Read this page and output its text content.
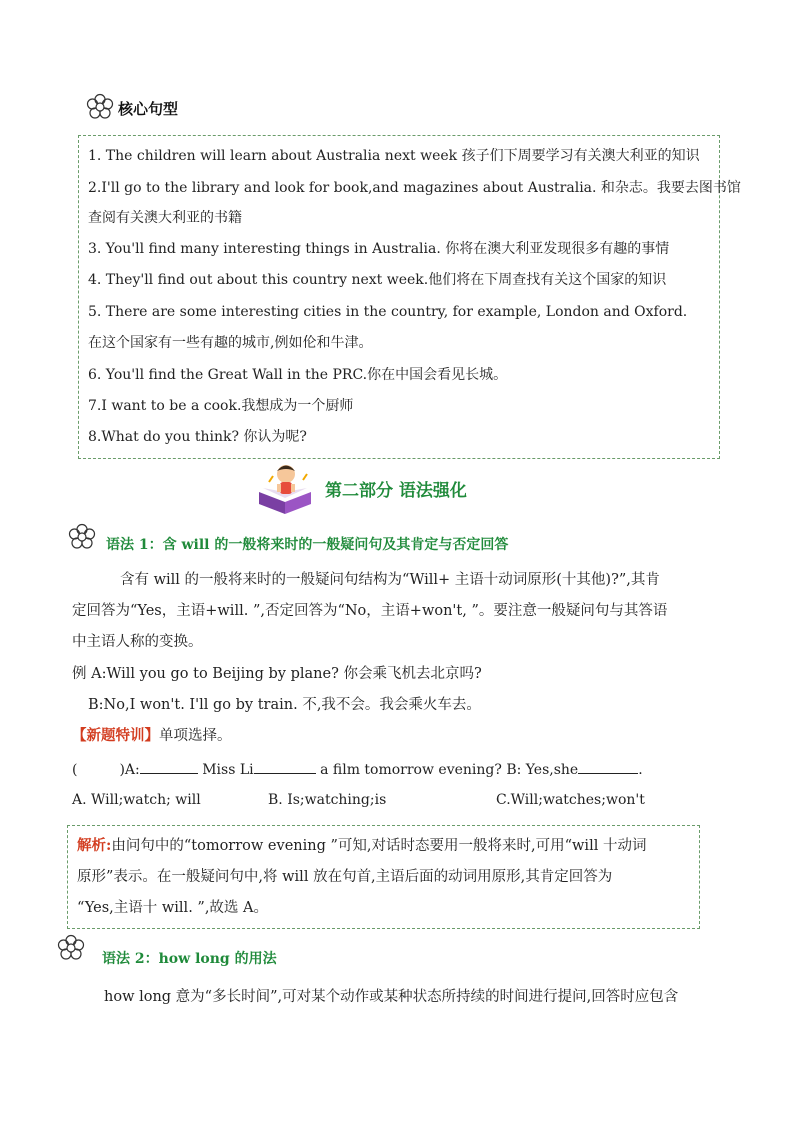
核心句型
1. The children will learn about Australia next week 孩子们下周要学习有关澳大利亚的知识
2.I'll go to the library and look for book,and magazines about Australia. 和杂志。我要去图书馆
查阅有关澳大利亚的书籍
3. You'll find many interesting things in Australia. 你将在澳大利亚发现很多有趣的事情
4. They'll find out about this country next week.他们将在下周查找有关这个国家的知识
5. There are some interesting cities in the country, for example, London and Oxford.
在这个国家有一些有趣的城市,例如伦和牛津。
6. You'll find the Great Wall in the PRC.你在中国会看见长城。
7.I want to be a cook.我想成为一个厨师
8.What do you think? 你认为呢?
第二部分 语法强化
语法 1：含 will 的一般将来时的一般疑问句及其肯定与否定回答
含有 will 的一般将来时的一般疑问句结构为“Will+ 主语十动词原形(十其他)?”,其肯
定回答为“Yes，主语+will. ”,否定回答为“No，主语+won't, ”。要注意一般疑问句与其答语
中主语人称的变换。
例 A:Will you go to Beijing by plane? 你会乘飞机去北京吗?
B:No,I won't. I'll go by train. 不,我不会。我会乘火车去。
【新题特训】单项选择。
(	)A:	Miss Li	a film tomorrow evening? B: Yes,she	.
A. Will;watch; will	B. Is;watching;is	C.Will;watches;won't
解析:由问句中的“tomorrow evening ”可知,对话时态要用一般将来时,可用“will 十动词
原形”表示。在一般疑问句中,将 will 放在句首,主语后面的动词用原形,其肯定回答为
“Yes,主语十 will. ”,故选 A。
语法 2：how long 的用法
how long 意为“多长时间”,可对某个动作或某种状态所持续的时间进行提问,回答时应包含
